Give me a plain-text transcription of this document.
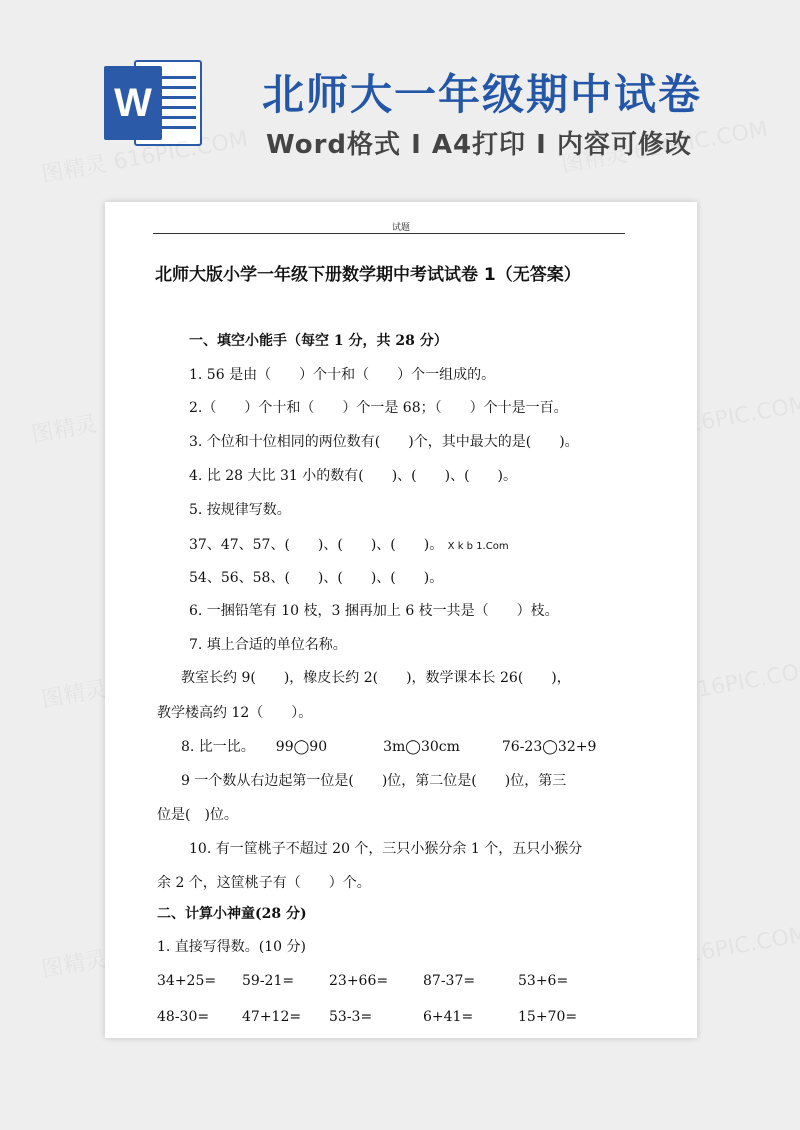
W	北师大一年级期中试卷
Word格式 I A4打印 I 内容可修改
试题
北师大版小学一年级下册数学期中考试试卷 1（无答案）
一、填空小能手（每空 1 分，共 28 分）
1. 56 是由（　　）个十和（　　）个一组成的。
2.（　　）个十和（　　）个一是 68；（　　）个十是一百。
3. 个位和十位相同的两位数有(　　)个，其中最大的是(　　)。
4. 比 28 大比 31 小的数有(　　)、(　　)、(　　)。
5. 按规律写数。
37、47、57、(　　)、(　　)、(　　)。 X k b 1.Com
54、56、58、(　　)、(　　)、(　　)。
6. 一捆铅笔有 10 枝，3 捆再加上 6 枝一共是（　　）枝。
7. 填上合适的单位名称。
教室长约 9(　　)，橡皮长约 2(　　)，数学课本长 26(　　)，
教学楼高约 12（　　）。
8. 比一比。　　99◯90　　　　3m◯30cm　　　76-23◯32+9
9 一个数从右边起第一位是(　　)位，第二位是(　　)位，第三
位是(　)位。
10. 有一筐桃子不超过 20 个，三只小猴分余 1 个，五只小猴分
余 2 个，这筐桃子有（　　）个。
二、计算小神童(28 分)
1. 直接写得数。(10 分)
34+25= 59-21= 23+66= 87-37=	53+6=
48-30= 47+12= 53-3=	6+41=	15+70=
